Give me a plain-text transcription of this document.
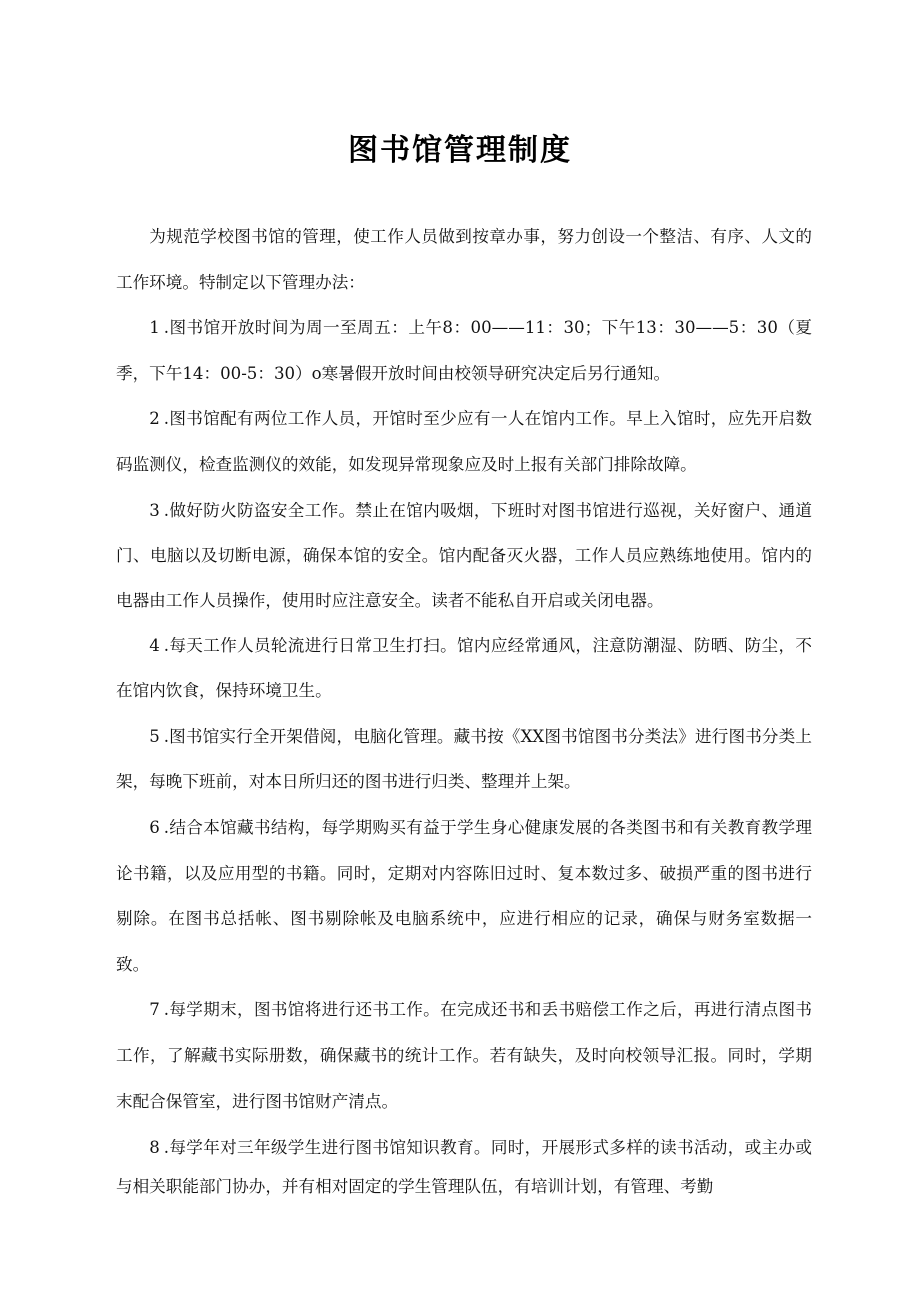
图书馆管理制度

为规范学校图书馆的管理，使工作人员做到按章办事，努力创设一个整洁、有序、人文的工作环境。特制定以下管理办法：

1.图书馆开放时间为周一至周五：上午8：00——11：30；下午13：30——5：30（夏季，下午14：00-5：30）o寒暑假开放时间由校领导研究决定后另行通知。

2.图书馆配有两位工作人员，开馆时至少应有一人在馆内工作。早上入馆时，应先开启数码监测仪，检查监测仪的效能，如发现异常现象应及时上报有关部门排除故障。

3.做好防火防盗安全工作。禁止在馆内吸烟，下班时对图书馆进行巡视，关好窗户、通道门、电脑以及切断电源，确保本馆的安全。馆内配备灭火器，工作人员应熟练地使用。馆内的电器由工作人员操作，使用时应注意安全。读者不能私自开启或关闭电器。

4.每天工作人员轮流进行日常卫生打扫。馆内应经常通风，注意防潮湿、防晒、防尘，不在馆内饮食，保持环境卫生。

5.图书馆实行全开架借阅，电脑化管理。藏书按《XX图书馆图书分类法》进行图书分类上架，每晚下班前，对本日所归还的图书进行归类、整理并上架。

6.结合本馆藏书结构，每学期购买有益于学生身心健康发展的各类图书和有关教育教学理论书籍，以及应用型的书籍。同时，定期对内容陈旧过时、复本数过多、破损严重的图书进行剔除。在图书总括帐、图书剔除帐及电脑系统中，应进行相应的记录，确保与财务室数据一致。

7.每学期末，图书馆将进行还书工作。在完成还书和丢书赔偿工作之后，再进行清点图书工作，了解藏书实际册数，确保藏书的统计工作。若有缺失，及时向校领导汇报。同时，学期末配合保管室，进行图书馆财产清点。

8.每学年对三年级学生进行图书馆知识教育。同时，开展形式多样的读书活动，或主办或与相关职能部门协办，并有相对固定的学生管理队伍，有培训计划，有管理、考勤
